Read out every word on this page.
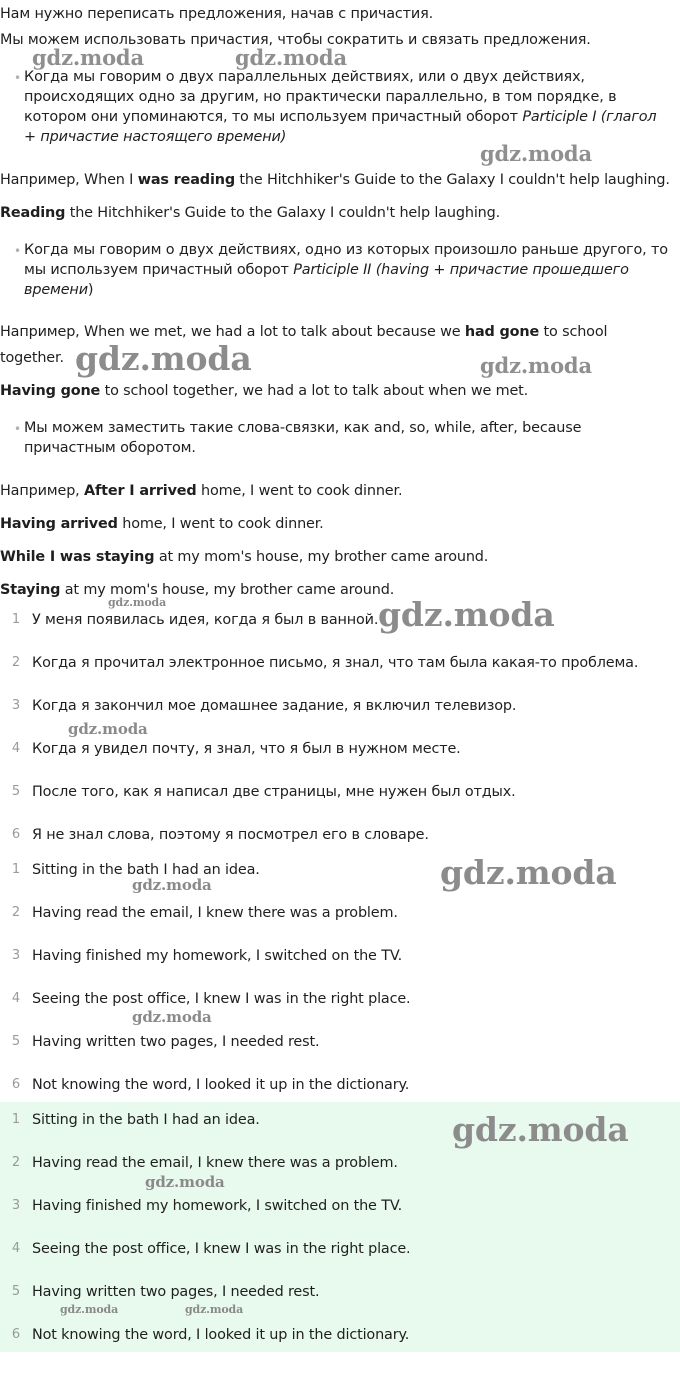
gdz.moda	gdz.moda
gdz.moda
gdz.moda	gdz.moda
gdz.moda	gdz.moda
gdz.moda
gdz.moda
gdz.moda
gdz.moda
Нам нужно переписать предложения, начав с причастия.
Мы можем использовать причастия, чтобы сократить и связать предложения.
• Когда мы говорим о двух параллельных действиях, или о двух действиях,
происходящих одно за другим, но практически параллельно, в том порядке, в
котором они упоминаются, то мы используем причастный оборот Participle I (глагол
+ причастие настоящего времени)
Например, When I was reading the Hitchhiker's Guide to the Galaxy I couldn't help laughing.
Reading the Hitchhiker's Guide to the Galaxy I couldn't help laughing.
• Когда мы говорим о двух действиях, одно из которых произошло раньше другого, то
мы используем причастный оборот Participle II (having + причастие прошедшего
времени)
Например, When we met, we had a lot to talk about because we had gone to school
together.
Having gone to school together, we had a lot to talk about when we met.
• Мы можем заместить такие слова-связки, как and, so, while, after, because
причастным оборотом.
Например, After I arrived home, I went to cook dinner.
Having arrived home, I went to cook dinner.
While I was staying at my mom's house, my brother came around.
Staying at my mom's house, my brother came around.
1 У меня появилась идея, когда я был в ванной.
2 Когда я прочитал электронное письмо, я знал, что там была какая-то проблема.
3 Когда я закончил мое домашнее задание, я включил телевизор.
4 Когда я увидел почту, я знал, что я был в нужном месте.
5 После того, как я написал две страницы, мне нужен был отдых.
6 Я не знал слова, поэтому я посмотрел его в словаре.
1 Sitting in the bath I had an idea.
2 Having read the email, I knew there was a problem.
3 Having finished my homework, I switched on the TV.
4 Seeing the post office, I knew I was in the right place.
5 Having written two pages, I needed rest.
6 Not knowing the word, I looked it up in the dictionary.
gdz.moda
gdz.moda
gdz.moda	gdz.moda
1 Sitting in the bath I had an idea.
2 Having read the email, I knew there was a problem.
3 Having finished my homework, I switched on the TV.
4 Seeing the post office, I knew I was in the right place.
5 Having written two pages, I needed rest.
6 Not knowing the word, I looked it up in the dictionary.
